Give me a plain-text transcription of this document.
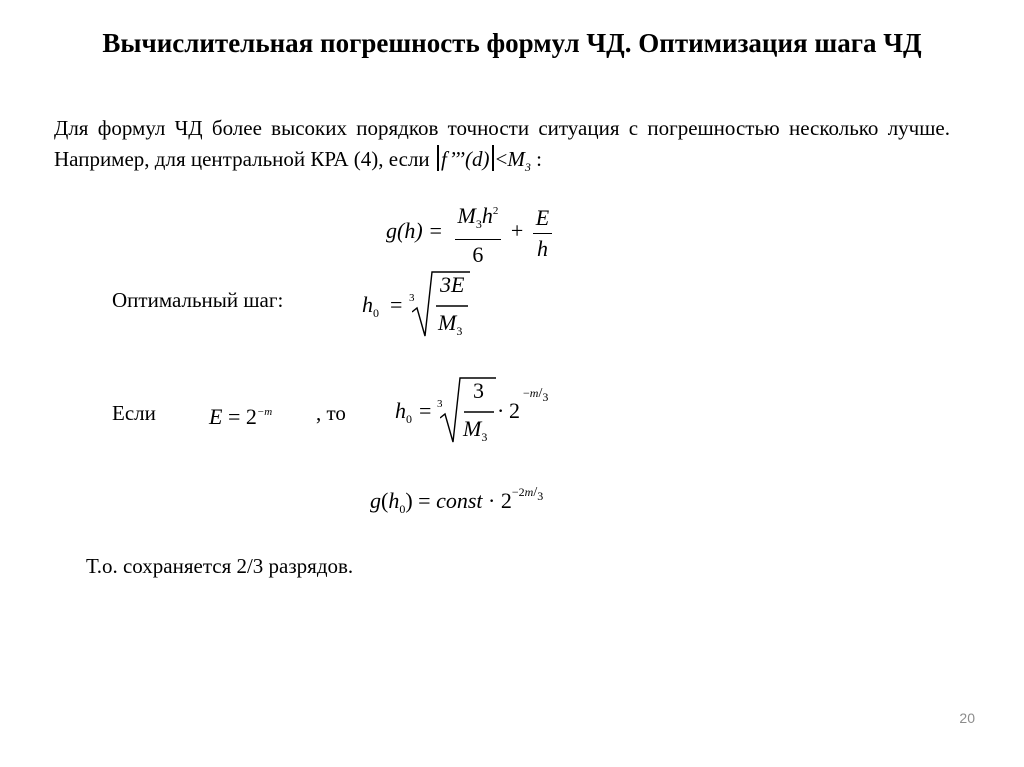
Вычислительная погрешность формул ЧД. Оптимизация шага ЧД
Для формул ЧД более высоких порядков точности ситуация с погрешностью несколько лучше. Например, для центральной КРА (4), если f’’’(d) $<M_3$ :
$g(h) = \frac{M_3h^2}{6} + \frac{E}{h}$
Оптимальный шаг:	$h_0 = 3$
3E
$M_3$
Если $E = 2^{-m}$ , то $h_0 = 3$
3
$M_3$
· 2
−m/3
$g(h_0)$ = const · $2^{-2m/3}$
Т.о. сохраняется 2/3 разрядов.
20
